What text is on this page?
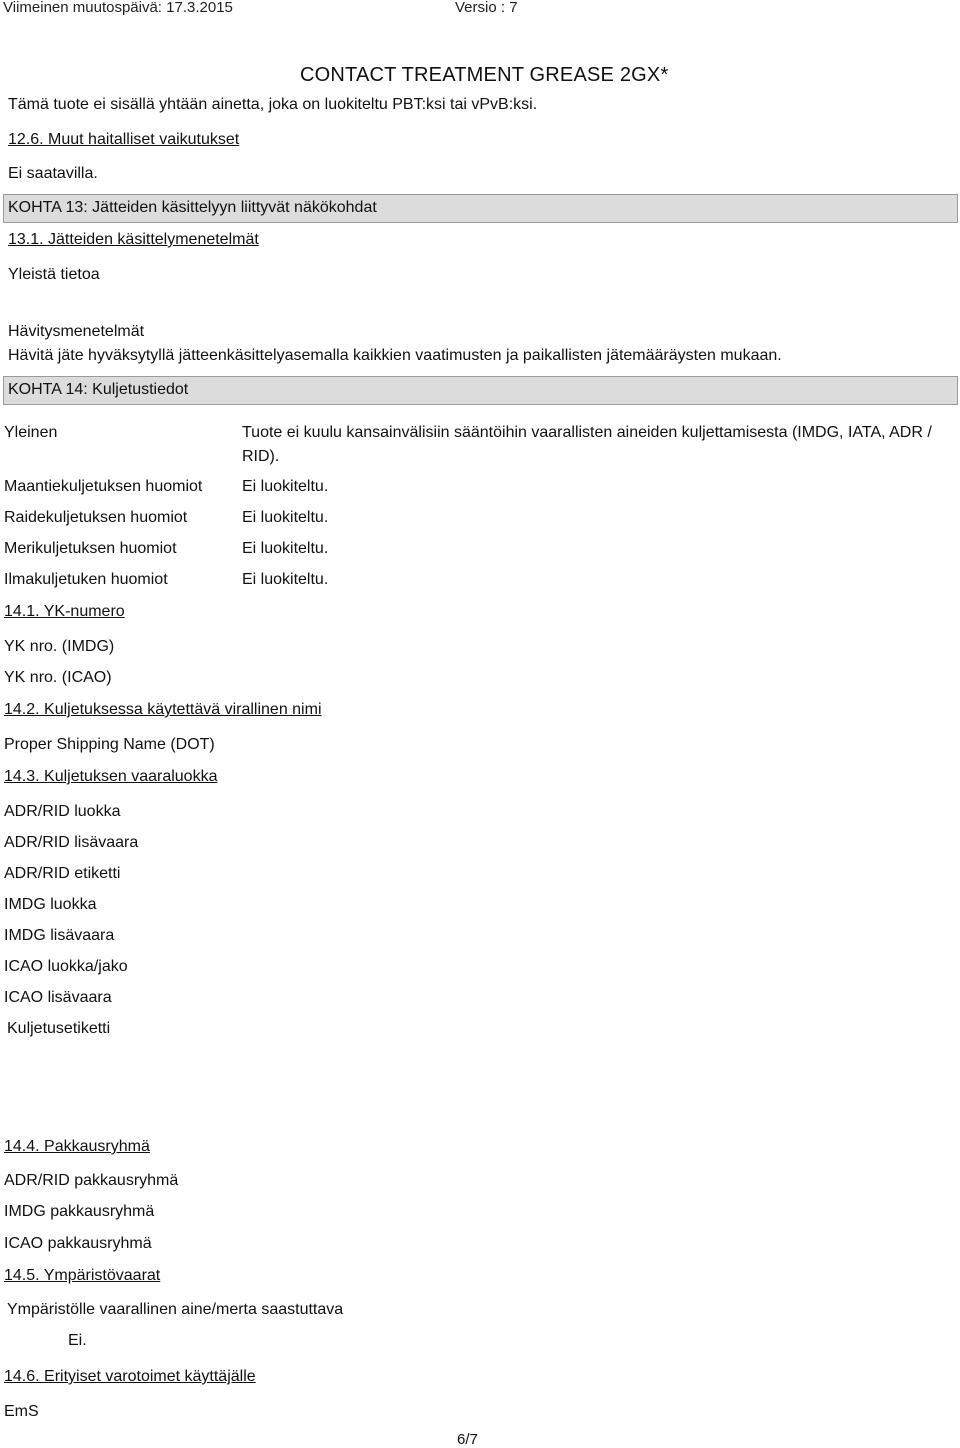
Viimeinen muutospäivä: 17.3.2015	Versio : 7
CONTACT TREATMENT GREASE 2GX*
Tämä tuote ei sisällä yhtään ainetta, joka on luokiteltu PBT:ksi tai vPvB:ksi.
12.6. Muut haitalliset vaikutukset
Ei saatavilla.
KOHTA 13: Jätteiden käsittelyyn liittyvät näkökohdat
13.1. Jätteiden käsittelymenetelmät
Yleistä tietoa
Hävitysmenetelmät
Hävitä jäte hyväksytyllä jätteenkäsittelyasemalla kaikkien vaatimusten ja paikallisten jätemääräysten mukaan.
KOHTA 14: Kuljetustiedot
Yleinen	Tuote ei kuulu kansainvälisiin sääntöihin vaarallisten aineiden kuljettamisesta (IMDG, IATA, ADR / RID).
Maantiekuljetuksen huomiot Ei luokiteltu.
Raidekuljetuksen huomiot	Ei luokiteltu.
Merikuljetuksen huomiot	Ei luokiteltu.
Ilmakuljetuken huomiot	Ei luokiteltu.
14.1. YK-numero
YK nro. (IMDG)
YK nro. (ICAO)
14.2. Kuljetuksessa käytettävä virallinen nimi
Proper Shipping Name (DOT)
14.3. Kuljetuksen vaaraluokka
ADR/RID luokka
ADR/RID lisävaara
ADR/RID etiketti
IMDG luokka
IMDG lisävaara
ICAO luokka/jako
ICAO lisävaara
Kuljetusetiketti
14.4. Pakkausryhmä
ADR/RID pakkausryhmä
IMDG pakkausryhmä
ICAO pakkausryhmä
14.5. Ympäristövaarat
Ympäristölle vaarallinen aine/merta saastuttava
Ei.
14.6. Erityiset varotoimet käyttäjälle
EmS
6/7
